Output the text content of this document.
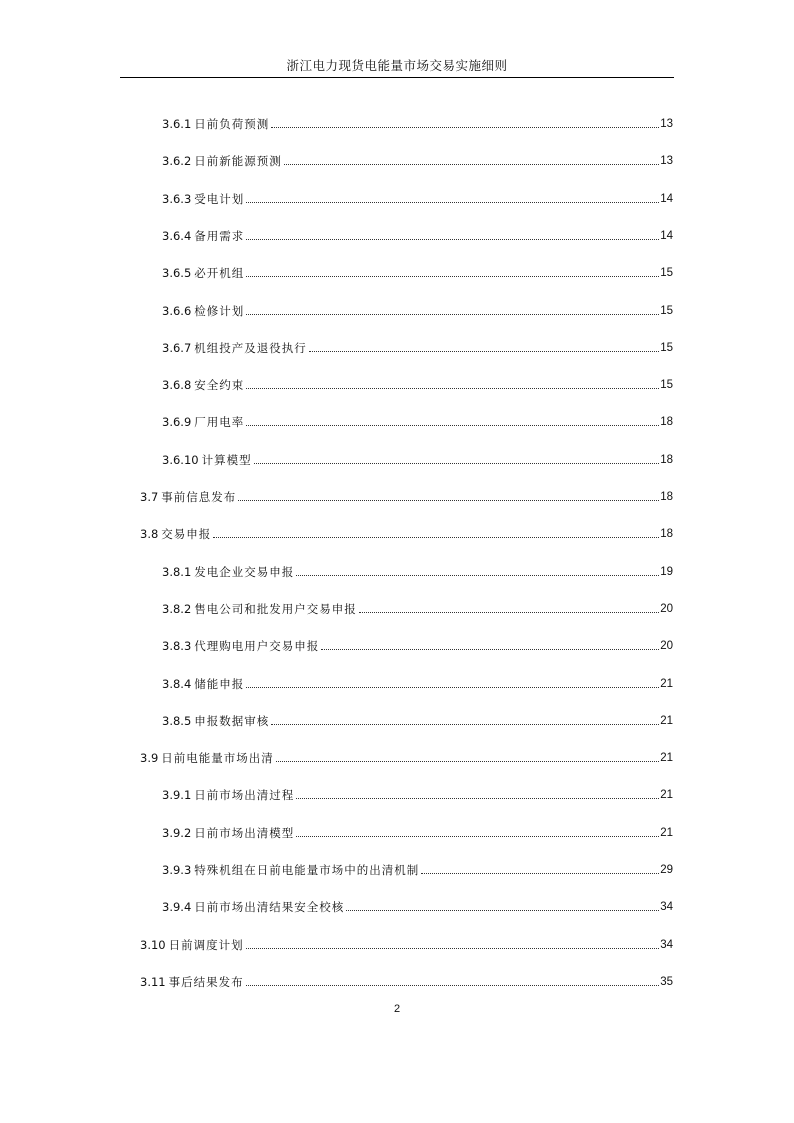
浙江电力现货电能量市场交易实施细则
3.6.1 日前负荷预测	13
3.6.2 日前新能源预测	13
3.6.3 受电计划	14
3.6.4 备用需求	14
3.6.5 必开机组	15
3.6.6 检修计划	15
3.6.7 机组投产及退役执行	15
3.6.8 安全约束	15
3.6.9 厂用电率	18
3.6.10 计算模型	18
3.7 事前信息发布	18
3.8 交易申报	18
3.8.1 发电企业交易申报	19
3.8.2 售电公司和批发用户交易申报	20
3.8.3 代理购电用户交易申报	20
3.8.4 储能申报	21
3.8.5 申报数据审核	21
3.9 日前电能量市场出清	21
3.9.1 日前市场出清过程	21
3.9.2 日前市场出清模型	21
3.9.3 特殊机组在日前电能量市场中的出清机制	29
3.9.4 日前市场出清结果安全校核	34
3.10 日前调度计划	34
3.11 事后结果发布	35
2
